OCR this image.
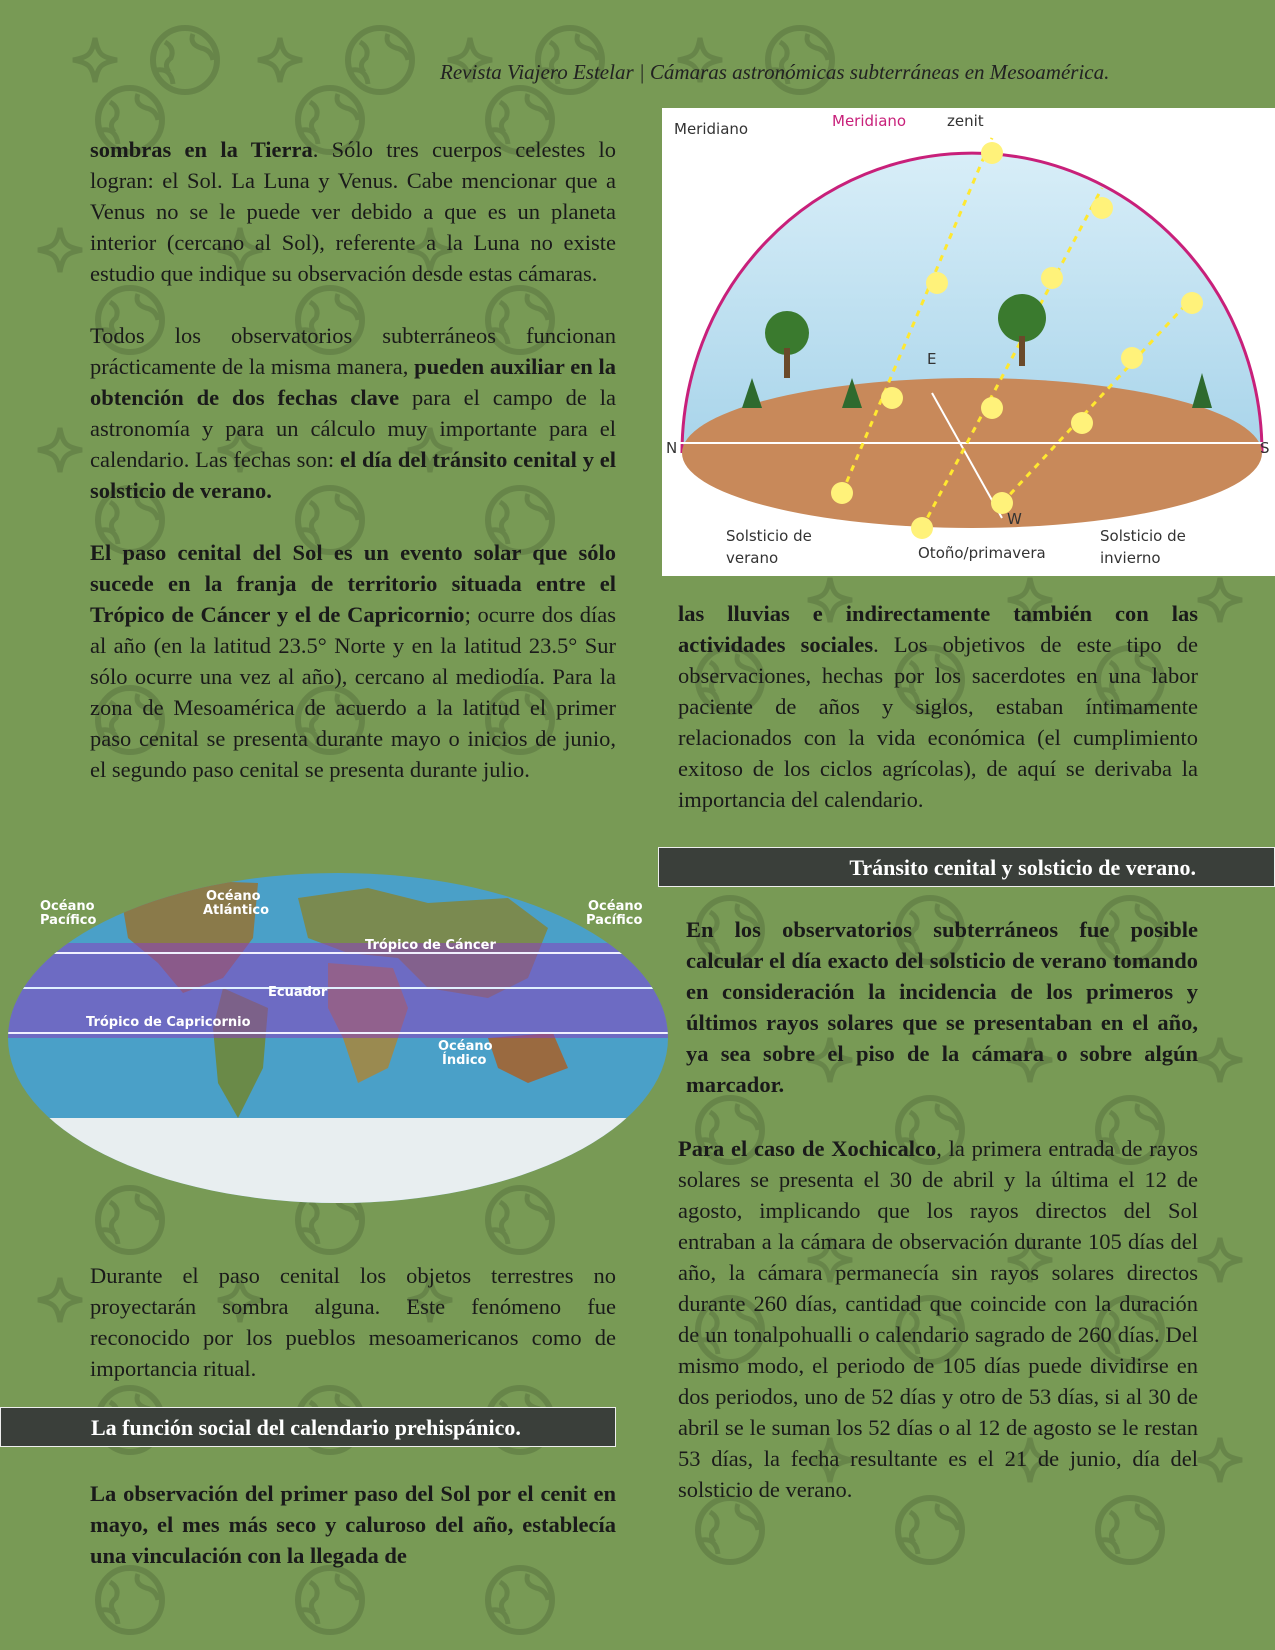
Revista Viajero Estelar | Cámaras astronómicas subterráneas en Mesoamérica.

sombras en la Tierra. Sólo tres cuerpos celestes lo logran: el Sol. La Luna y Venus. Cabe mencionar que a Venus no se le puede ver debido a que es un planeta interior (cercano al Sol), referente a la Luna no existe estudio que indique su observación desde estas cámaras.

Todos los observatorios subterráneos funcionan prácticamente de la misma manera, pueden auxiliar en la obtención de dos fechas clave para el campo de la astronomía y para un cálculo muy importante para el calendario. Las fechas son: el día del tránsito cenital y el solsticio de verano.

El paso cenital del Sol es un evento solar que sólo sucede en la franja de territorio situada entre el Trópico de Cáncer y el de Capricornio; ocurre dos días al año (en la latitud 23.5° Norte y en la latitud 23.5° Sur sólo ocurre una vez al año), cercano al mediodía. Para la zona de Mesoamérica de acuerdo a la latitud el primer paso cenital se presenta durante mayo o inicios de junio, el segundo paso cenital se presenta durante julio.

Océano Pacífico
Océano Atlántico	Océano Pacífico
Trópico de Cáncer
Ecuador
Trópico de Capricornio
Océano Índico

Durante el paso cenital los objetos terrestres no proyectarán sombra alguna. Este fenómeno fue reconocido por los pueblos mesoamericanos como de importancia ritual.

La función social del calendario prehispánico.

La observación del primer paso del Sol por el cenit en mayo, el mes más seco y caluroso del año, establecía una vinculación con la llegada de

Meridiano	Meridiano	zenit
N	S
E
W
Solsticio de verano	Otoño/primavera
Solsticio de invierno

las lluvias e indirectamente también con las actividades sociales. Los objetivos de este tipo de observaciones, hechas por los sacerdotes en una labor paciente de años y siglos, estaban íntimamente relacionados con la vida económica (el cumplimiento exitoso de los ciclos agrícolas), de aquí se derivaba la importancia del calendario.

Tránsito cenital y solsticio de verano.

En los observatorios subterráneos fue posible calcular el día exacto del solsticio de verano tomando en consideración la incidencia de los primeros y últimos rayos solares que se presentaban en el año, ya sea sobre el piso de la cámara o sobre algún marcador.

Para el caso de Xochicalco, la primera entrada de rayos solares se presenta el 30 de abril y la última el 12 de agosto, implicando que los rayos directos del Sol entraban a la cámara de observación durante 105 días del año, la cámara permanecía sin rayos solares directos durante 260 días, cantidad que coincide con la duración de un tonalpohualli o calendario sagrado de 260 días. Del mismo modo, el periodo de 105 días puede dividirse en dos periodos, uno de 52 días y otro de 53 días, si al 30 de abril se le suman los 52 días o al 12 de agosto se le restan 53 días, la fecha resultante es el 21 de junio, día del solsticio de verano.
